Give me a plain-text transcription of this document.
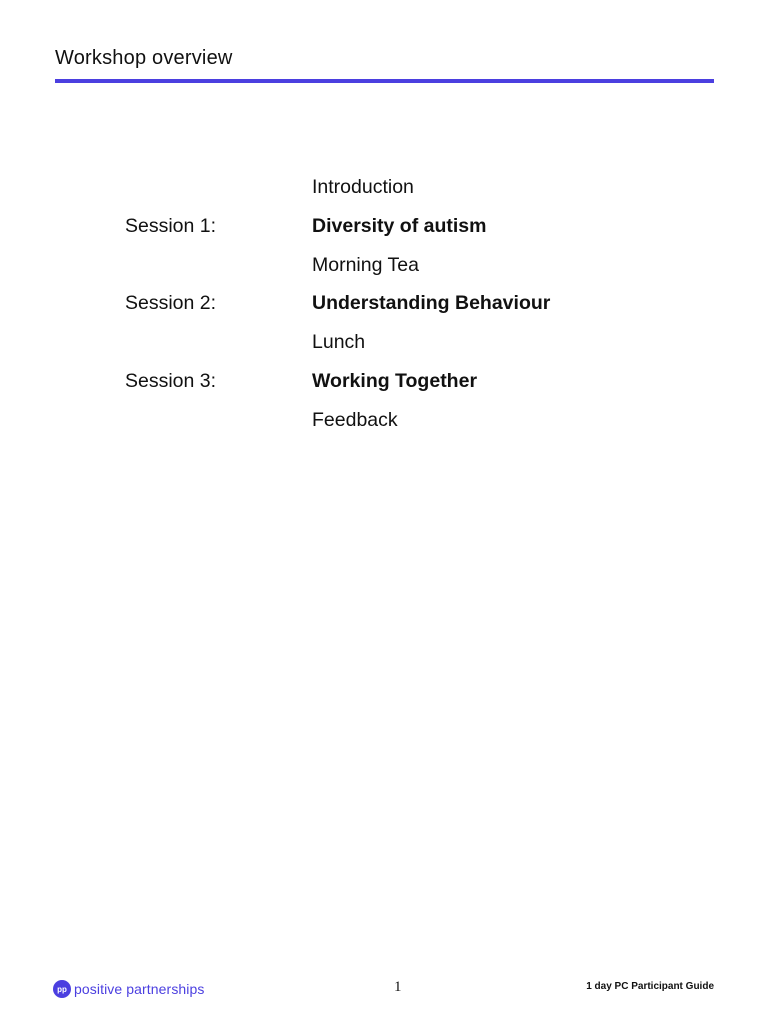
Workshop overview
Introduction
Session 1:	Diversity of autism
Morning Tea
Session 2:	Understanding Behaviour
Lunch
Session 3:	Working Together
Feedback
pp positive partnerships	1	1 day PC Participant Guide
